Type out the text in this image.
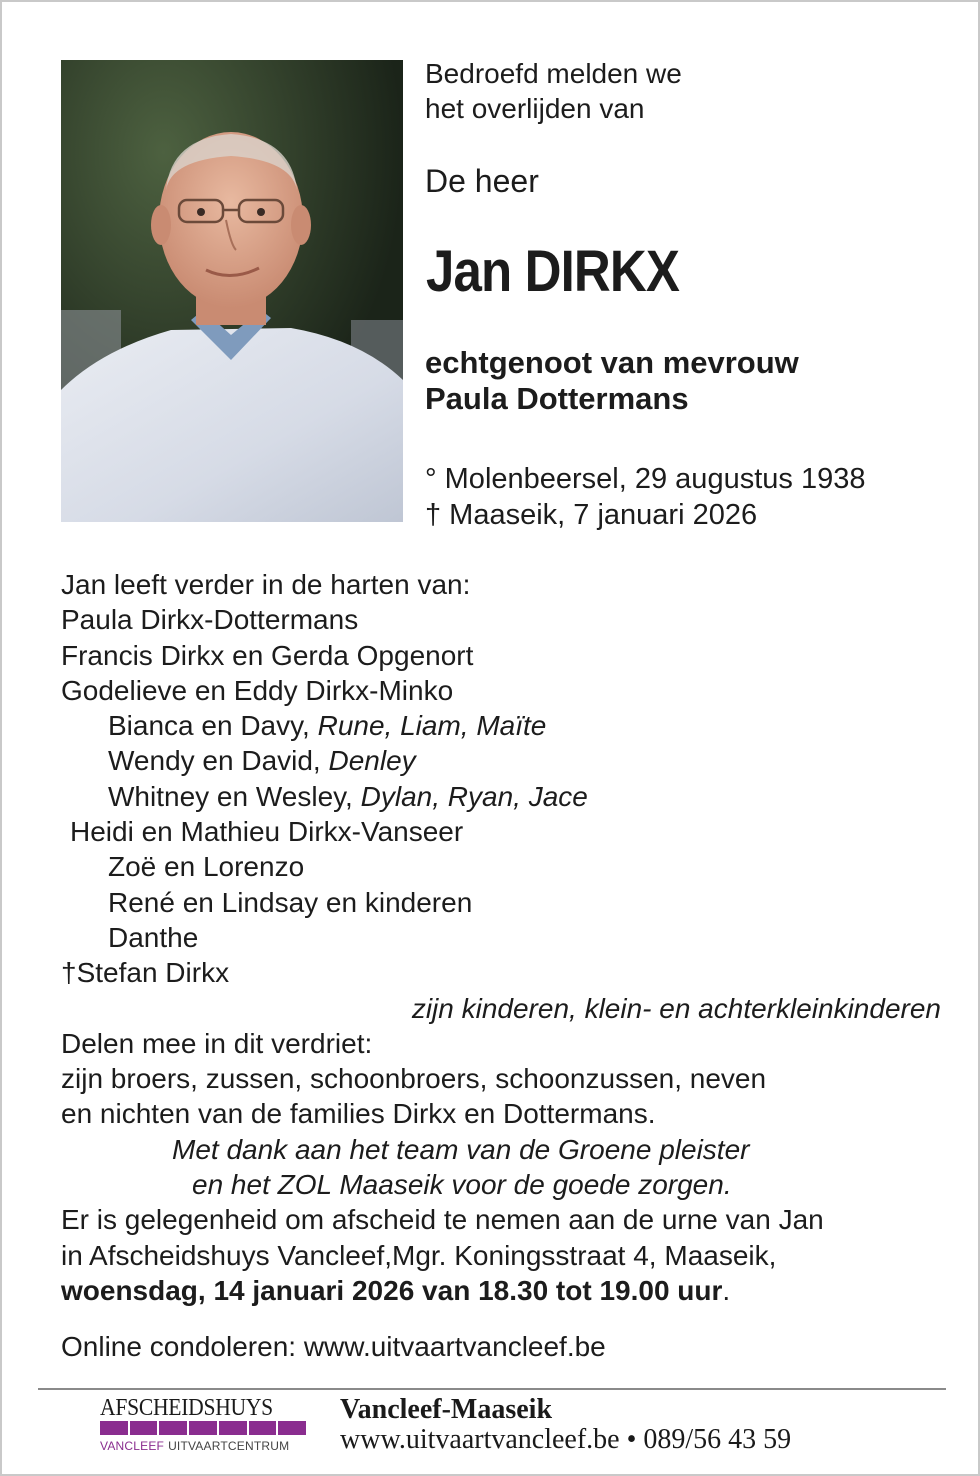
Bedroefd melden we
het overlijden van
De heer
Jan DIRKX
echtgenoot van mevrouw
Paula Dottermans
° Molenbeersel, 29 augustus 1938
† Maaseik, 7 januari 2026
Jan leeft verder in de harten van:
Paula Dirkx-Dottermans
Francis Dirkx en Gerda Opgenort
Godelieve en Eddy Dirkx-Minko
Bianca en Davy, Rune, Liam, Maïte
Wendy en David, Denley
Whitney en Wesley, Dylan, Ryan, Jace
Heidi en Mathieu Dirkx-Vanseer
Zoë en Lorenzo
René en Lindsay en kinderen
Danthe
†Stefan Dirkx
zijn kinderen, klein- en achterkleinkinderen
Delen mee in dit verdriet:
zijn broers, zussen, schoonbroers, schoonzussen, neven
en nichten van de families Dirkx en Dottermans.
Met dank aan het team van de Groene pleister
en het ZOL Maaseik voor de goede zorgen.
Er is gelegenheid om afscheid te nemen aan de urne van Jan
in Afscheidshuys Vancleef,Mgr. Koningsstraat 4, Maaseik,
woensdag, 14 januari 2026 van 18.30 tot 19.00 uur.
Online condoleren: www.uitvaartvancleef.be
AFSCHEIDSHUYS
VANCLEEF UITVAARTCENTRUM
Vancleef-Maaseik
www.uitvaartvancleef.be • 089/56 43 59
